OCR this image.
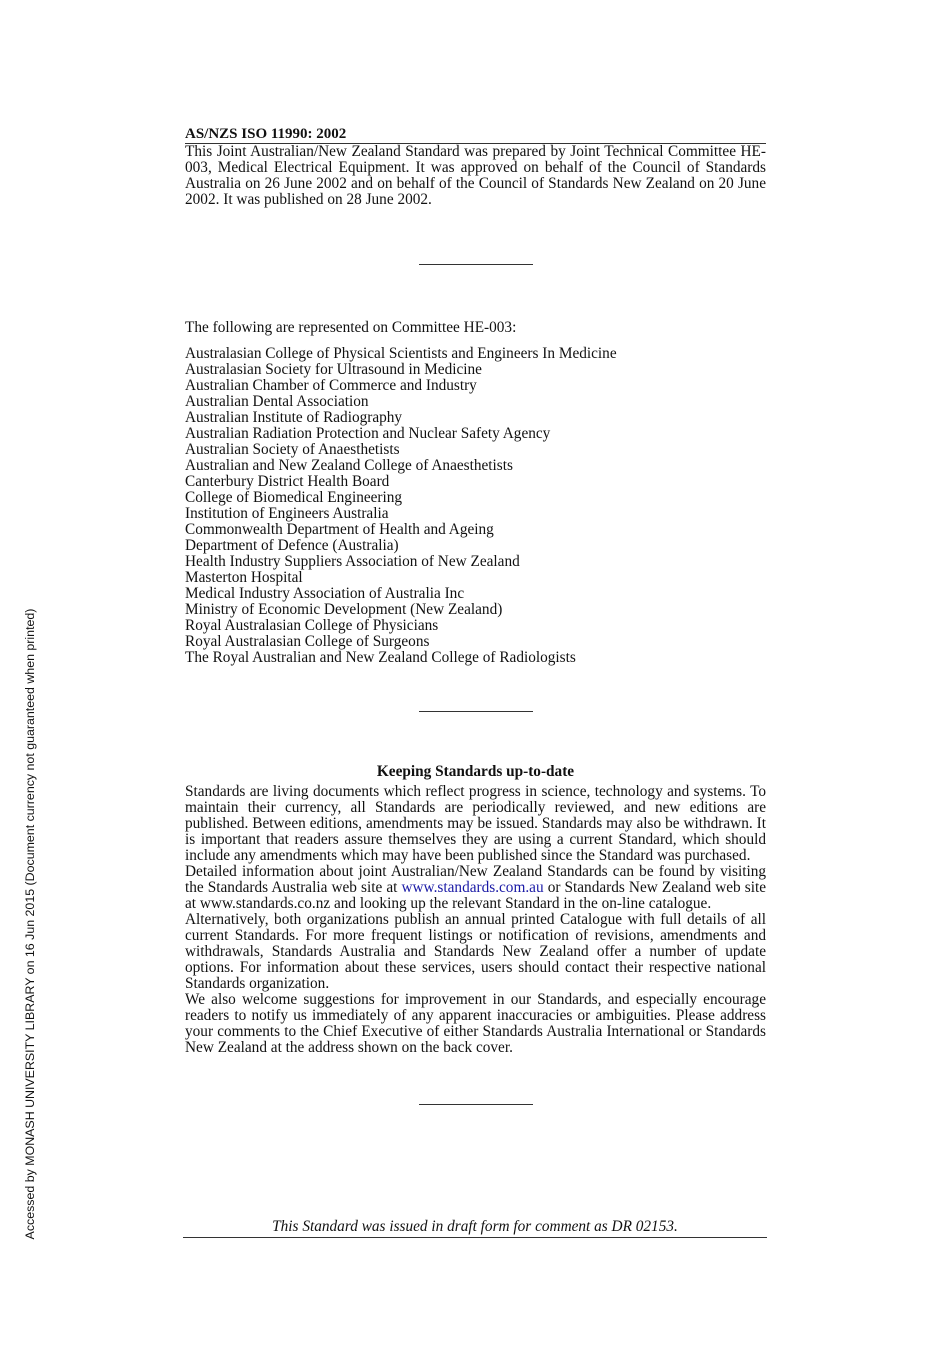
Accessed by MONASH UNIVERSITY LIBRARY on 16 Jun 2015 (Document currency not guaranteed when printed)
AS/NZS ISO 11990: 2002

This Joint Australian/New Zealand Standard was prepared by Joint Technical Committee HE-003, Medical Electrical Equipment. It was approved on behalf of the Council of Standards Australia on 26 June 2002 and on behalf of the Council of Standards New Zealand on 20 June 2002. It was published on 28 June 2002.

The following are represented on Committee HE-003:

Australasian College of Physical Scientists and Engineers In Medicine
Australasian Society for Ultrasound in Medicine
Australian Chamber of Commerce and Industry
Australian Dental Association
Australian Institute of Radiography
Australian Radiation Protection and Nuclear Safety Agency
Australian Society of Anaesthetists
Australian and New Zealand College of Anaesthetists
Canterbury District Health Board
College of Biomedical Engineering
Institution of Engineers Australia
Commonwealth Department of Health and Ageing
Department of Defence (Australia)
Health Industry Suppliers Association of New Zealand
Masterton Hospital
Medical Industry Association of Australia Inc
Ministry of Economic Development (New Zealand)
Royal Australasian College of Physicians
Royal Australasian College of Surgeons
The Royal Australian and New Zealand College of Radiologists
Keeping Standards up-to-date

Standards are living documents which reflect progress in science, technology and systems. To maintain their currency, all Standards are periodically reviewed, and new editions are published. Between editions, amendments may be issued. Standards may also be withdrawn. It is important that readers assure themselves they are using a current Standard, which should include any amendments which may have been published since the Standard was purchased.

Detailed information about joint Australian/New Zealand Standards can be found by visiting the Standards Australia web site at www.standards.com.au or Standards New Zealand web site at www.standards.co.nz and looking up the relevant Standard in the on-line catalogue.

Alternatively, both organizations publish an annual printed Catalogue with full details of all current Standards. For more frequent listings or notification of revisions, amendments and withdrawals, Standards Australia and Standards New Zealand offer a number of update options. For information about these services, users should contact their respective national Standards organization.

We also welcome suggestions for improvement in our Standards, and especially encourage readers to notify us immediately of any apparent inaccuracies or ambiguities. Please address your comments to the Chief Executive of either Standards Australia International or Standards New Zealand at the address shown on the back cover.

This Standard was issued in draft form for comment as DR 02153.
